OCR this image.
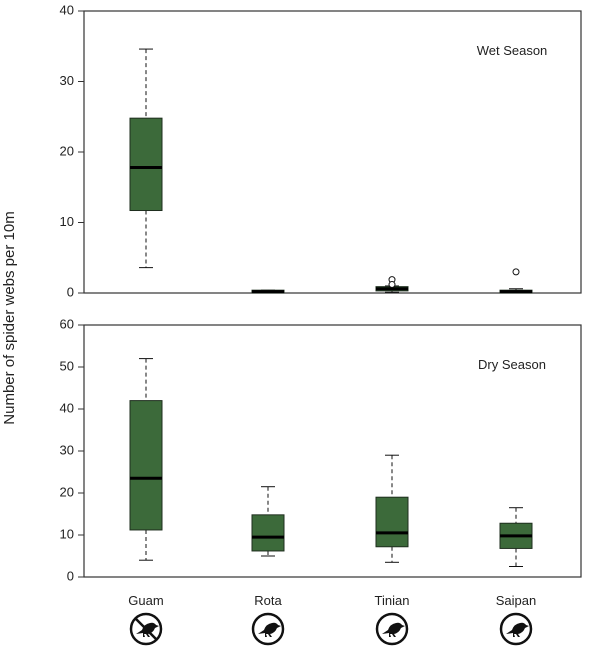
Number of spider webs per 10m	0
10
20
30
40
Wet Season
0
10
20
30
40
50
60
Dry Season
Guam	Rota	Tinian	Saipan
